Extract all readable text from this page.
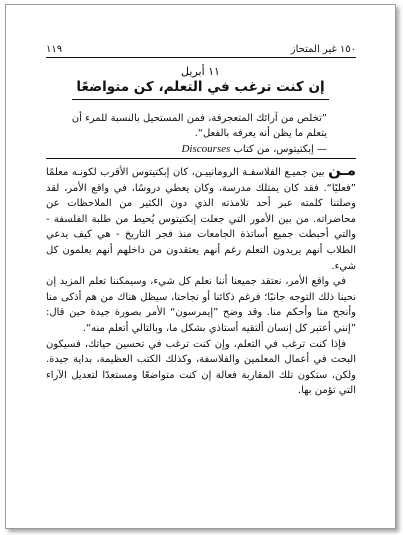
١٥٠ غير المتحاز
١١٩
١١ أبريل
إن كنت ترغب في التعلم، كن متواضعًا
”تخلص من آرائك المتعجرفة، فمن المستحيل بالنسبة للمرء أن يتعلم ما يظن أنه يعرفه بالفعل“.
— إبكتيتوس، من كتاب Discourses

مـن بين جميـع الفلاسفـة الرومانييـن، كان إبكتيتوس الأقرب لكونـه معلمًا ”فعليًا“. فقد كان يمتلك مدرسة، وكان يعطي دروسًا، في واقع الأمر، لقد وصلتنا كلمته عبر أحد تلامذته الذي دون الكثير من الملاحظات عن محاضراته. من بين الأمور التي جعلت إبكتيتوس يُحيط من طلبة الفلسفة - والتي أحبطت جميع أساتذة الجامعات منذ فجر التاريخ - هي كيف يدعي الطلاب أنهم يريدون التعلم رغم أنهم يعتقدون من داخلهم أنهم يعلمون كل شيء.

في واقع الأمر، نعتقد جميعنا أننا نعلم كل شيء، وسيمكننا تعلم المزيد إن نحينا ذلك التوجه جانبًا؛ فرغم ذكائنا أو نجاحنا، سيظل هناك من هم أذكى منا وأنجح منا وأحكم منا. وقد وضح ”إيمرسون“ الأمر بصورة جيدة حين قال: ”إنني أعتبر كل إنسان ألتقيه أستاذي بشكل ما، وبالتالي أتعلم منه“.

فإذا كنت ترغب في التعلم، وإن كنت ترغب في تحسين حياتك، فسيكون البحث في أعمال المعلمين والفلاسفة، وكذلك الكتب العظيمة، بداية جيدة. ولكن، ستكون تلك المقاربة فعالة إن كنت متواضعًا ومستعدًا لتعديل الآراء التي تؤمن بها.
